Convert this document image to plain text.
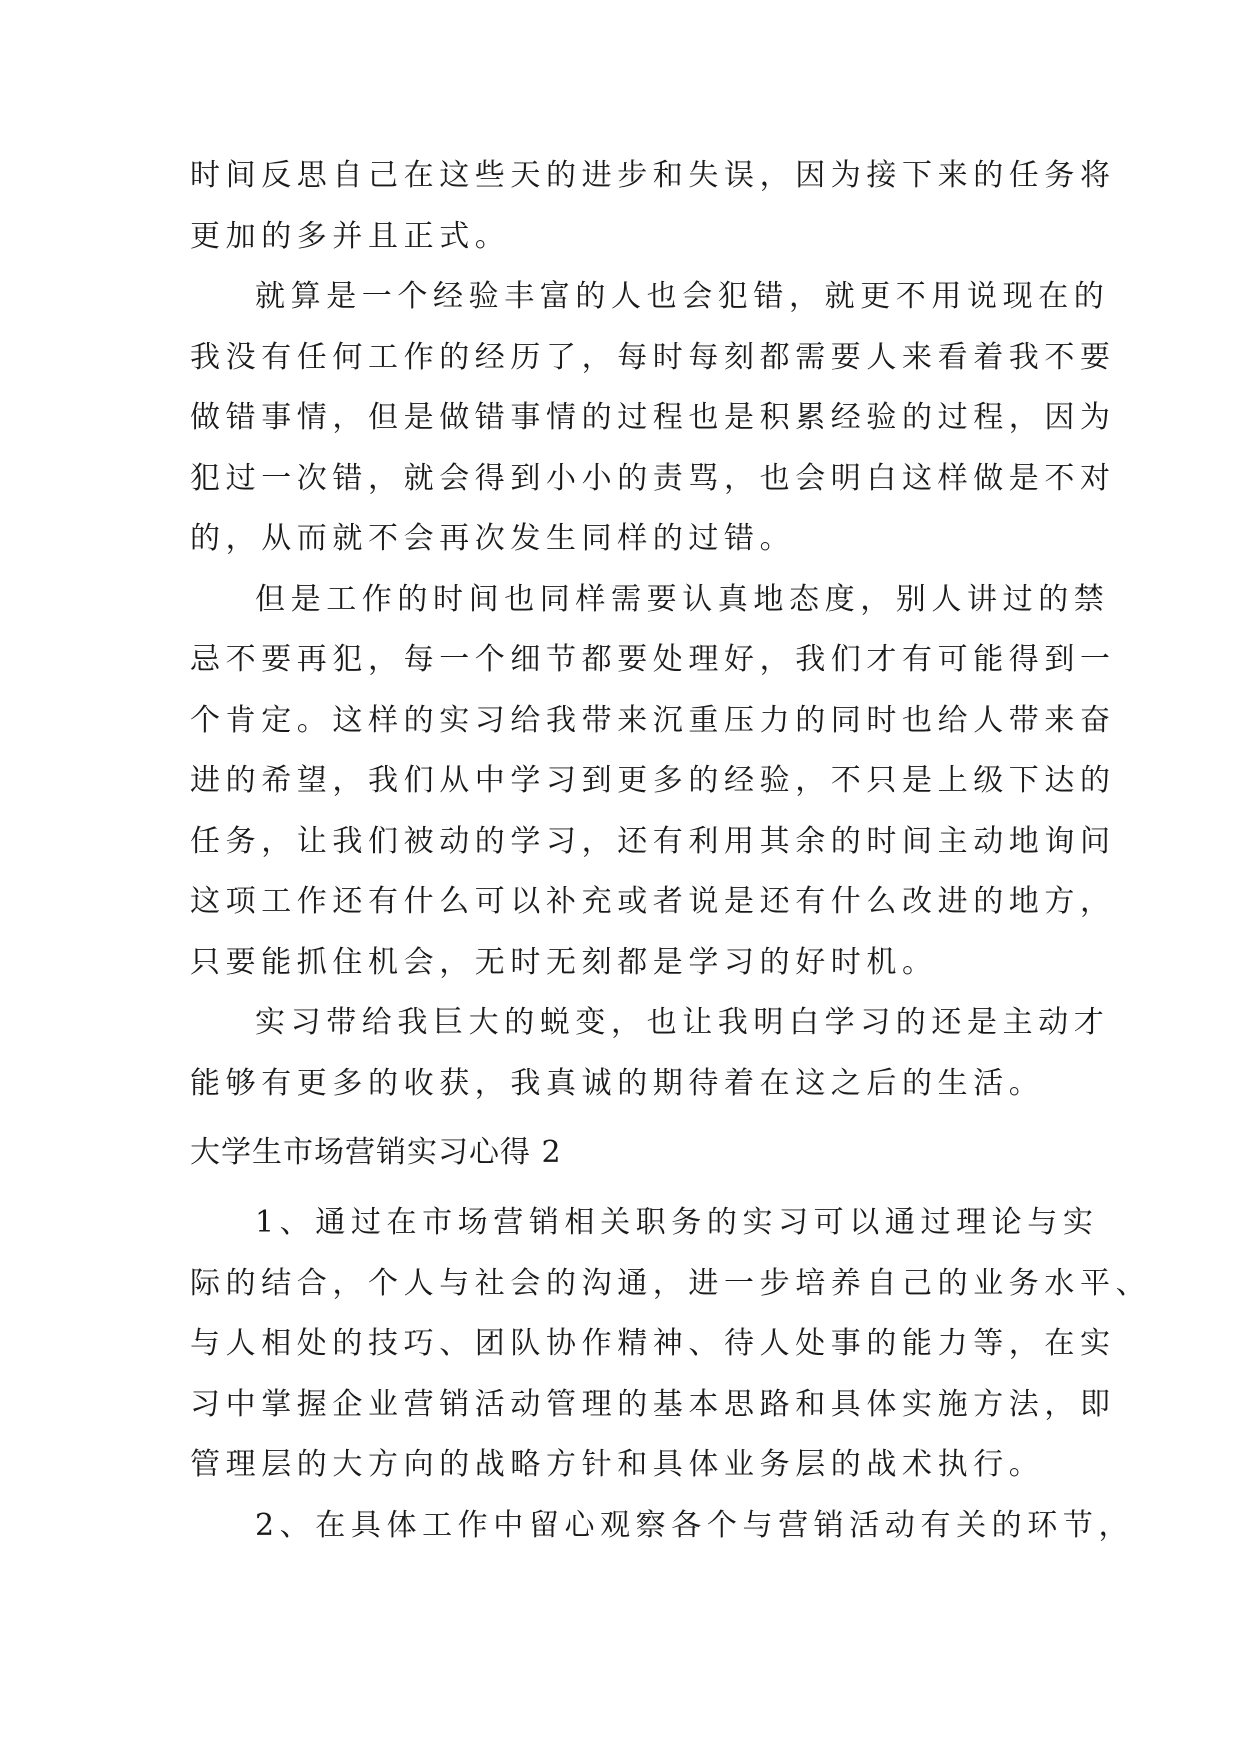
时间反思自己在这些天的进步和失误，因为接下来的任务将
更加的多并且正式。
就算是一个经验丰富的人也会犯错，就更不用说现在的
我没有任何工作的经历了，每时每刻都需要人来看着我不要
做错事情，但是做错事情的过程也是积累经验的过程，因为
犯过一次错，就会得到小小的责骂，也会明白这样做是不对
的，从而就不会再次发生同样的过错。
但是工作的时间也同样需要认真地态度，别人讲过的禁
忌不要再犯，每一个细节都要处理好，我们才有可能得到一
个肯定。这样的实习给我带来沉重压力的同时也给人带来奋
进的希望，我们从中学习到更多的经验，不只是上级下达的
任务，让我们被动的学习，还有利用其余的时间主动地询问
这项工作还有什么可以补充或者说是还有什么改进的地方，
只要能抓住机会，无时无刻都是学习的好时机。
实习带给我巨大的蜕变，也让我明白学习的还是主动才
能够有更多的收获，我真诚的期待着在这之后的生活。
大学生市场营销实习心得 2
1、通过在市场营销相关职务的实习可以通过理论与实
际的结合，个人与社会的沟通，进一步培养自己的业务水平、
与人相处的技巧、团队协作精神、待人处事的能力等，在实
习中掌握企业营销活动管理的基本思路和具体实施方法，即
管理层的大方向的战略方针和具体业务层的战术执行。
2、在具体工作中留心观察各个与营销活动有关的环节，
